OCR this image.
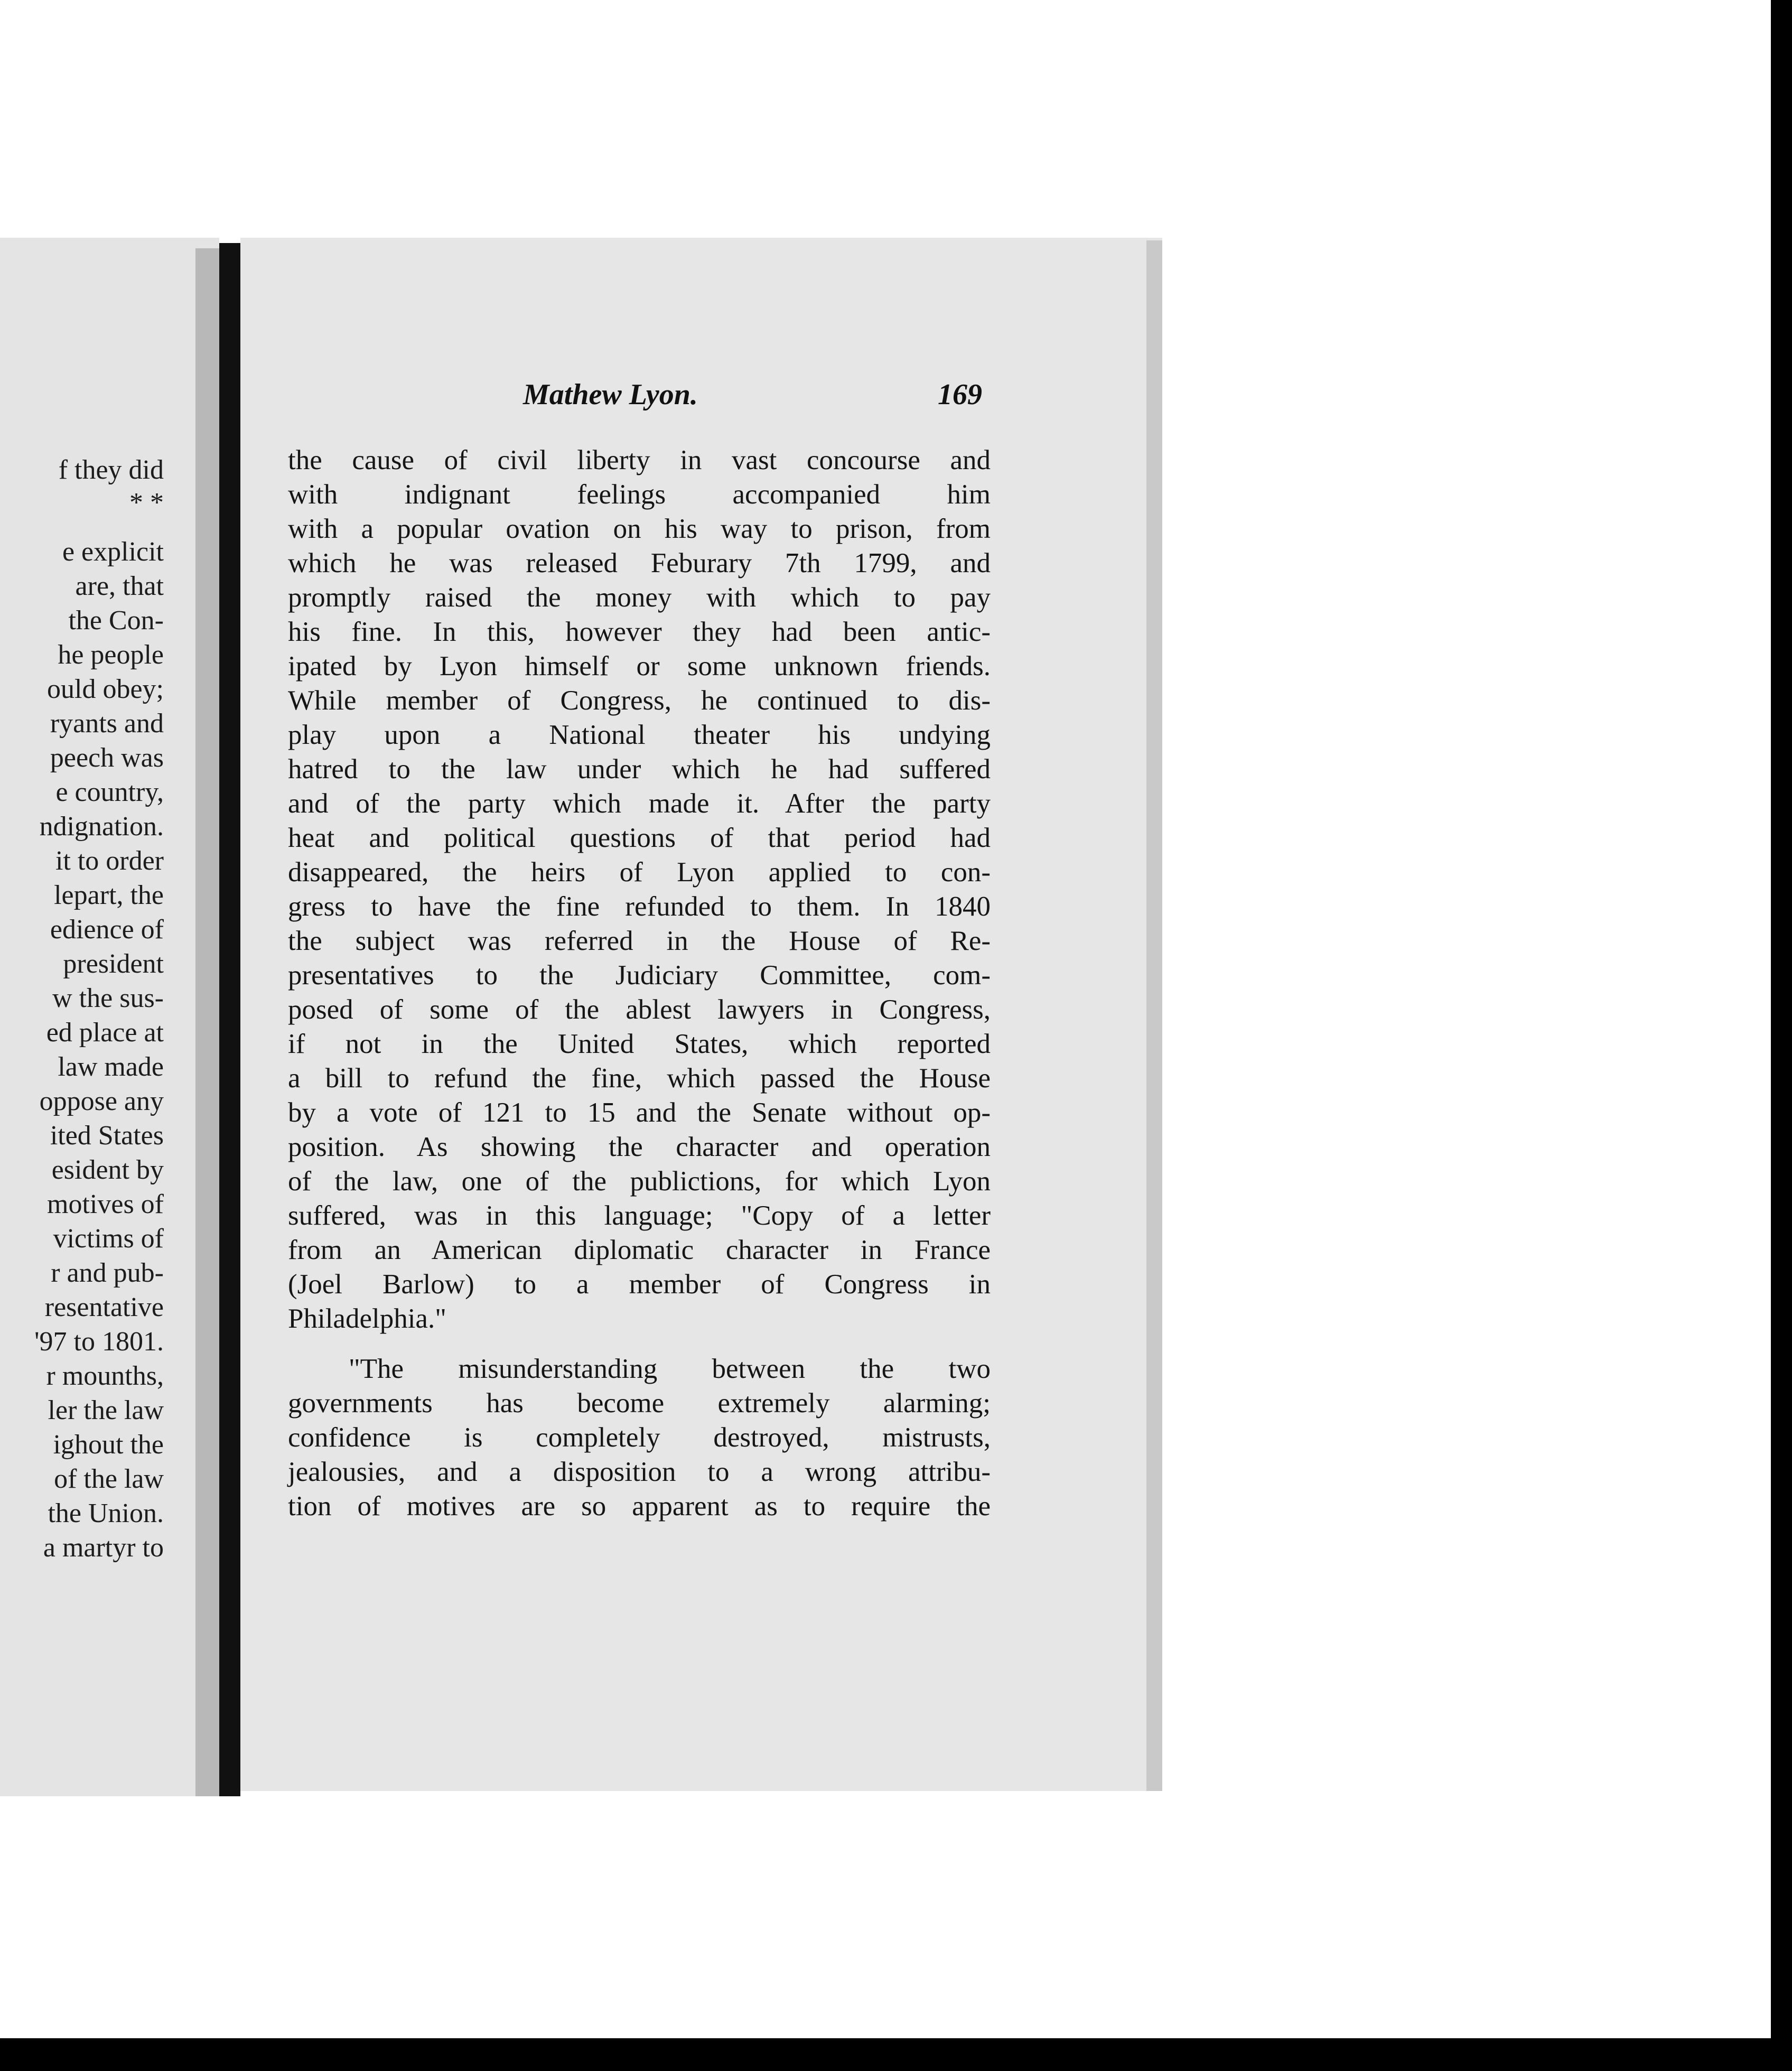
f they did
* *
e explicit
are, that
the Con-
he people
ould obey;
ryants and
peech was
e country,
ndignation.
it to order
lepart, the
edience of
president
w the sus-
ed place at
law made
oppose any
ited States
esident by
motives of
victims of
r and pub-
resentative
'97 to 1801.
r mounths,
ler the law
ighout the
of the law
the Union.
a martyr to
Mathew Lyon.	169
the cause of civil liberty in vast concourse and
with indignant feelings accompanied him
with a popular ovation on his way to prison, from
which he was released Feburary 7th 1799, and
promptly raised the money with which to pay
his fine. In this, however they had been antic-
ipated by Lyon himself or some unknown friends.
While member of Congress, he continued to dis-
play upon a National theater his undying
hatred to the law under which he had suffered
and of the party which made it. After the party
heat and political questions of that period had
disappeared, the heirs of Lyon applied to con-
gress to have the fine refunded to them. In 1840
the subject was referred in the House of Re-
presentatives to the Judiciary Committee, com-
posed of some of the ablest lawyers in Congress,
if not in the United States, which reported
a bill to refund the fine, which passed the House
by a vote of 121 to 15 and the Senate without op-
position. As showing the character and operation
of the law, one of the publictions, for which Lyon
suffered, was in this language; "Copy of a letter
from an American diplomatic character in France
(Joel Barlow) to a member of Congress in
Philadelphia."
"The misunderstanding between the two
governments has become extremely alarming;
confidence is completely destroyed, mistrusts,
jealousies, and a disposition to a wrong attribu-
tion of motives are so apparent as to require the
